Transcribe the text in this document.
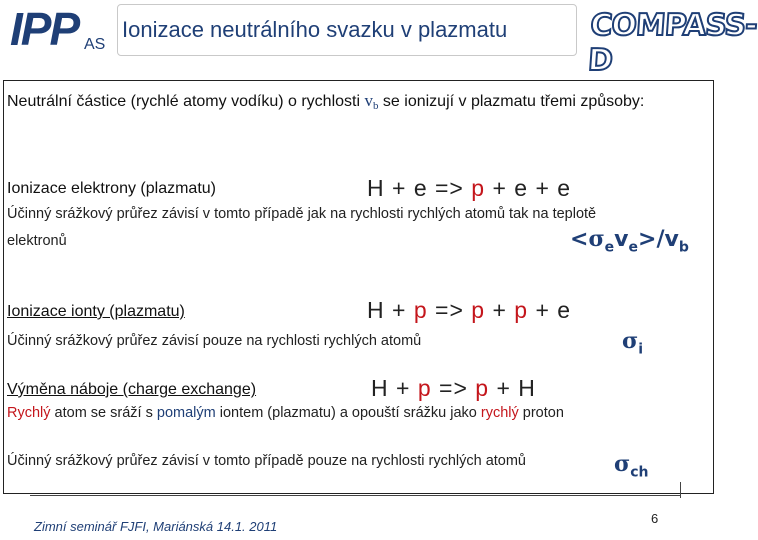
IPP AS
Ionizace neutrálního svazku v plazmatu	COMPASS-D
Neutrální částice (rychlé atomy vodíku) o rychlosti vb se ionizují v plazmatu třemi způsoby:
Ionizace elektrony (plazmatu)	H + e => p + e + e
Účinný srážkový průřez závisí v tomto případě jak na rychlosti rychlých atomů tak na teplotě
elektronů	$<\sigma_ev_e>/v_b$
Ionizace ionty (plazmatu)	H + p => p + p + e
Účinný srážkový průřez závisí pouze na rychlosti rychlých atomů	$\sigma_i$
Výměna náboje (charge exchange)	H + p => p + H
Rychlý atom se sráží s pomalým iontem (plazmatu) a opouští srážku jako rychlý proton
Účinný srážkový průřez závisí v tomto případě pouze na rychlosti rychlých atomů	$\sigma_{ch}$
Zimní seminář FJFI, Mariánská 14.1. 2011
6
